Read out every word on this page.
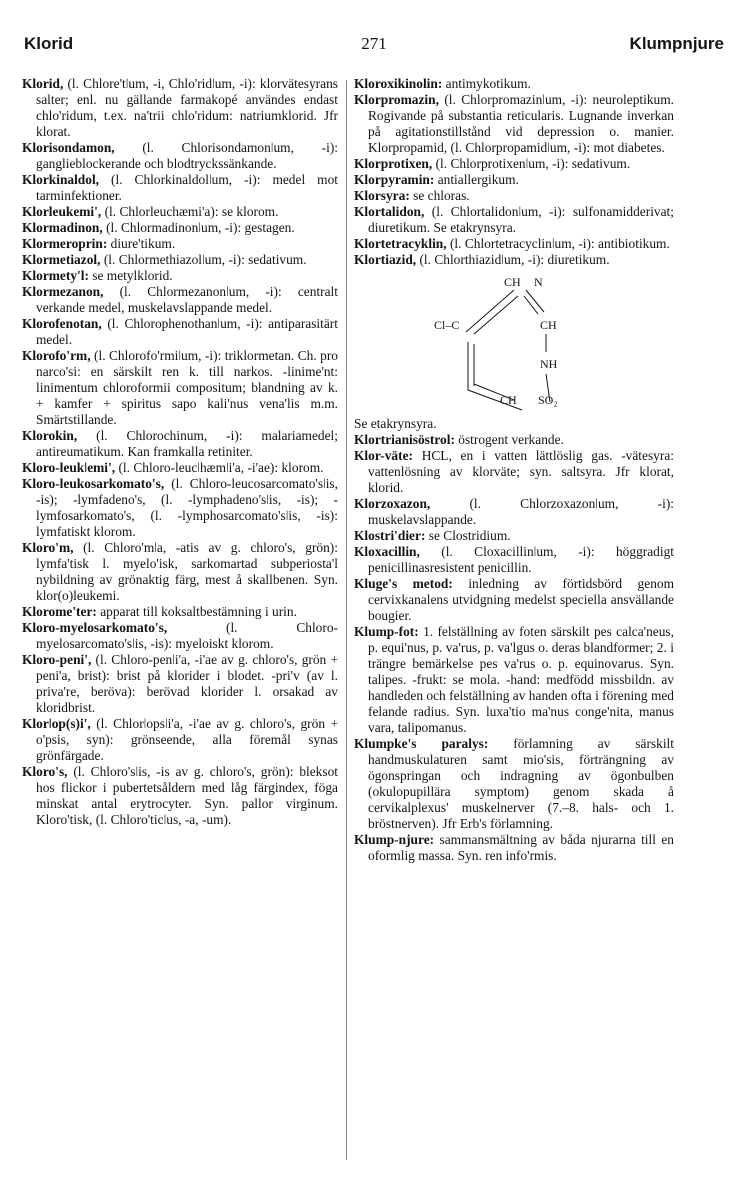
Klorid	271	Klumpnjure

Klorid, (l. Chlore'tǀum, -i, Chlo'ridǀum, -i): klorvätesyrans salter; enl. nu gällande farmakopé användes endast chlo'ridum, t.ex. na'trii chlo'ridum: natriumklorid. Jfr klorat.

Klorisondamon, (l. Chlorisondamonǀum, -i): ganglieblockerande och blodtryckssänkande.

Klorkinaldol, (l. Chlorkinaldolǀum, -i): medel mot tarminfektioner.

Klorleukemi', (l. Chlorleuchæmi'a): se klorom.

Klormadinon, (l. Chlormadinonǀum, -i): gestagen.

Klormeroprin: diure'tikum.

Klormetiazol, (l. Chlormethiazolǀum, -i): sedativum.

Klormety'l: se metylklorid.

Klormezanon, (l. Chlormezanonǀum, -i): centralt verkande medel, muskelavslappande medel.

Klorofenotan, (l. Chlorophenothanǀum, -i): antiparasitärt medel.

Klorofo'rm, (l. Chlorofo'rmiǀum, -i): triklormetan. Ch. pro narco'si: en särskilt ren k. till narkos. -linime'nt: linimentum chloroformii compositum; blandning av k. + kamfer + spiritus sapo kali'nus vena'lis m.m. Smärtstillande.

Klorokin, (l. Chlorochinum, -i): malariamedel; antireumatikum. Kan framkalla retiniter.

Kloro-leukǀemi', (l. Chloro-leucǀhæmǀi'a, -i'ae): klorom.

Kloro-leukosarkomato's, (l. Chloro-leucosarcomato'sǀis, -is); -lymfadeno's, (l. -lymphadeno'sǀis, -is); -lymfosarkomato's, (l. -lymphosarcomato'sǀis, -is): lymfatiskt klorom.

Kloro'm, (l. Chloro'mǀa, -atis av g. chloro's, grön): lymfa'tisk l. myelo'isk, sarkomartad subperiosta'l nybildning av grönaktig färg, mest å skallbenen. Syn. klor(o)leukemi.

Klorome'ter: apparat till koksaltbestämning i urin.

Kloro-myelosarkomato's, (l. Chloro-myelosarcomato'sǀis, -is): myeloiskt klorom.

Kloro-peni', (l. Chloro-penǀi'a, -i'ae av g. chloro's, grön + peni'a, brist): brist på klorider i blodet. -pri'v (av l. priva're, beröva): berövad klorider l. orsakad av kloridbrist.

Klorǀop(s)i', (l. Chlorǀopsǀi'a, -i'ae av g. chloro's, grön + o'psis, syn): grönseende, alla föremål synas grönfärgade.

Kloro's, (l. Chloro'sǀis, -is av g. chloro's, grön): bleksot hos flickor i pubertetsåldern med låg färgindex, föga minskat antal erytrocyter. Syn. pallor virginum. Kloro'tisk, (l. Chloro'ticǀus, -a, -um).

Kloroxikinolin: antimykotikum.

Klorpromazin, (l. Chlorpromazinǀum, -i): neuroleptikum. Rogivande på substantia reticularis. Lugnande inverkan på agitationstillstånd vid depression o. manier. Klorpropamid, (l. Chlorpropamidǀum, -i): mot diabetes.

Klorprotixen, (l. Chlorprotixenǀum, -i): sedativum.

Klorpyramin: antiallergikum.

Klorsyra: se chloras.

Klortalidon, (l. Chlortalidonǀum, -i): sulfonamidderivat; diuretikum. Se etakrynsyra.

Klortetracyklin, (l. Chlortetracyclinǀum, -i): antibiotikum.

Klortiazid, (l. Chlorthiazidǀum, -i): diuretikum.

CH N
Cl–C	CH
NH
CH SO₂

Se etakrynsyra.

Klortrianisöstrol: östrogent verkande.

Klor-väte: HCL, en i vatten lättlöslig gas. -vätesyra: vattenlösning av klorväte; syn. saltsyra. Jfr klorat, klorid.

Klorzoxazon, (l. Chlorzoxazonǀum, -i): muskelavslappande.

Klostri'dier: se Clostridium.

Kloxacillin, (l. Cloxacillinǀum, -i): höggradigt penicillinasresistent penicillin.

Kluge's metod: inledning av förtidsbörd genom cervixkanalens utvidgning medelst speciella ansvällande bougier.

Klump-fot: 1. felställning av foten särskilt pes calca'neus, p. equi'nus, p. va'rus, p. va'lgus o. deras blandformer; 2. i trängre bemärkelse pes va'rus o. p. equinovarus. Syn. talipes. -frukt: se mola. -hand: medfödd missbildn. av handleden och felställning av handen ofta i förening med felande radius. Syn. luxa'tio ma'nus conge'nita, manus vara, talipomanus.

Klumpke's paralys: förlamning av särskilt handmuskulaturen samt mio'sis, förträngning av ögonspringan och indragning av ögonbulben (okulopupillära symptom) genom skada å cervikalplexus' muskelnerver (7.–8. hals- och 1. bröstnerven). Jfr Erb's förlamning.

Klump-njure: sammansmältning av båda njurarna till en oformlig massa. Syn. ren info'rmis.
